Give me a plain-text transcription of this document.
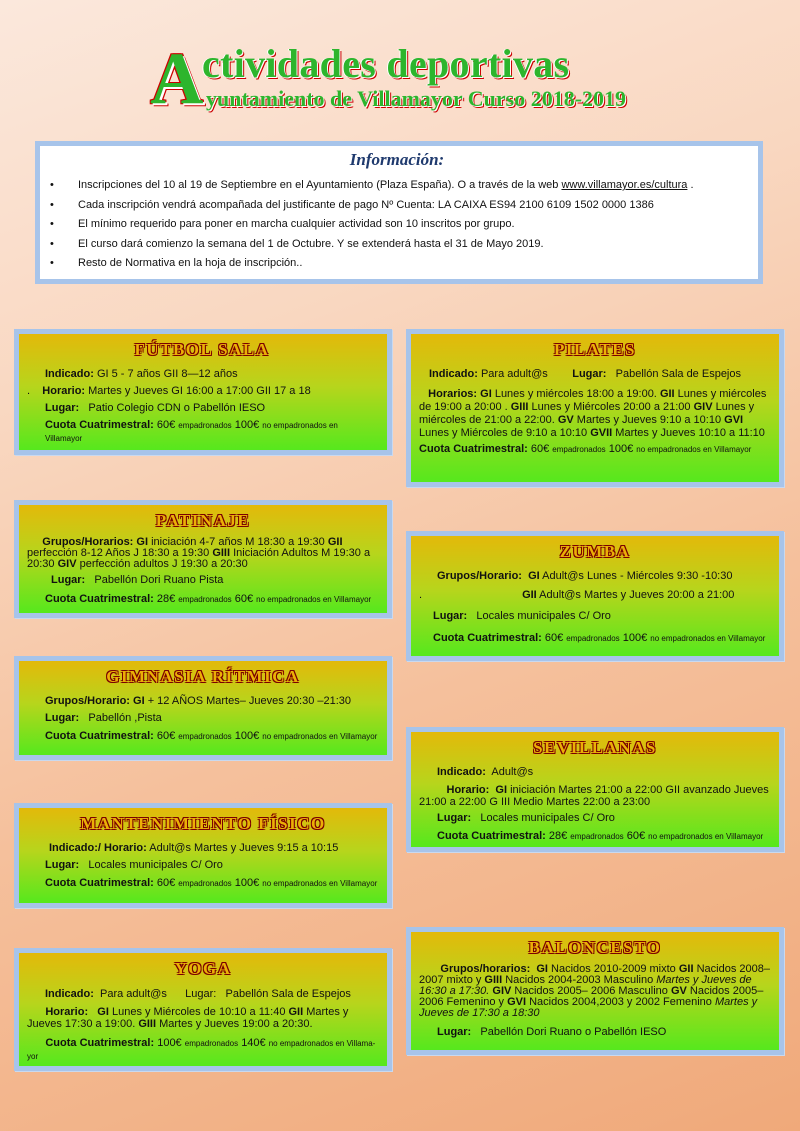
A
ctividades deportivas
yuntamiento de Villamayor Curso 2018-2019
Información:
• Inscripciones del 10 al 19 de Septiembre en el Ayuntamiento (Plaza España). O a través de la web www.villamayor.es/cultura .
• Cada inscripción vendrá acompañada del justificante de pago Nº Cuenta: LA CAIXA ES94 2100 6109 1502 0000 1386
• El mínimo requerido para poner en marcha cualquier actividad son 10 inscritos por grupo.
• El curso dará comienzo la semana del 1 de Octubre. Y se extenderá hasta el 31 de Mayo 2019.
• Resto de Normativa en la hoja de inscripción..
FÚTBOL SALA

Indicado: GI 5 - 7 años GII 8—12 años

. Horario: Martes y Jueves GI 16:00 a 17:00 GII 17 a 18

Lugar: Patio Colegio CDN o Pabellón IESO

Cuota Cuatrimestral: 60€ empadronados 100€ no empadronados en Villamayor

PILATES

Indicado: Para adult@s Lugar: Pabellón Sala de Espejos

Horarios: GI Lunes y miércoles 18:00 a 19:00. GII Lunes y miércoles de 19:00 a 20:00 . GIII Lunes y Miércoles 20:00 a 21:00 GIV Lunes y miércoles de 21:00 a 22:00. GV Martes y Jueves 9:10 a 10:10 GVI Lunes y Miércoles de 9:10 a 10:10 GVII Martes y Jueves 10:10 a 11:10

Cuota Cuatrimestral: 60€ empadronados 100€ no empadronados en Villamayor

PATINAJE

Grupos/Horarios: GI iniciación 4-7 años M 18:30 a 19:30 GII perfección 8-12 Años J 18:30 a 19:30 GIII Iniciación Adultos M 19:30 a 20:30 GIV perfección adultos J 19:30 a 20:30

Lugar: Pabellón Dori Ruano Pista

Cuota Cuatrimestral: 28€ empadronados 60€ no empadronados en Villamayor

ZUMBA

Grupos/Horario: GI Adult@s Lunes - Miércoles 9:30 -10:30

.	GII Adult@s Martes y Jueves 20:00 a 21:00

Lugar: Locales municipales C/ Oro

Cuota Cuatrimestral: 60€ empadronados 100€ no empadronados en Villamayor

GIMNASIA RÍTMICA

Grupos/Horario: GI + 12 AÑOS Martes– Jueves 20:30 –21:30

Lugar: Pabellón ,Pista

Cuota Cuatrimestral: 60€ empadronados 100€ no empadronados en Villamayor

SEVILLANAS

Indicado: Adult@s

Horario: GI iniciación Martes 21:00 a 22:00 GII avanzado Jueves 21:00 a 22:00 G III Medio Martes 22:00 a 23:00

Lugar: Locales municipales C/ Oro

Cuota Cuatrimestral: 28€ empadronados 60€ no empadronados en Villamayor

MANTENIMIENTO FÍSICO

Indicado:/ Horario: Adult@s Martes y Jueves 9:15 a 10:15

Lugar: Locales municipales C/ Oro

Cuota Cuatrimestral: 60€ empadronados 100€ no empadronados en Villamayor

BALONCESTO

Grupos/horarios: GI Nacidos 2010-2009 mixto GII Nacidos 2008–2007 mixto y GIII Nacidos 2004-2003 Masculino Martes y Jueves de 16:30 a 17:30. GIV Nacidos 2005– 2006 Masculino GV Nacidos 2005– 2006 Femenino y GVI Nacidos 2004,2003 y 2002 Femenino Martes y Jueves de 17:30 a 18:30

Lugar: Pabellón Dori Ruano o Pabellón IESO

YOGA

Indicado: Para adult@s Lugar: Pabellón Sala de Espejos

Horario: GI Lunes y Miércoles de 10:10 a 11:40 GII Martes y Jueves 17:30 a 19:00. GIII Martes y Jueves 19:00 a 20:30.

Cuota Cuatrimestral: 100€ empadronados 140€ no empadronados en Villama-
yor
